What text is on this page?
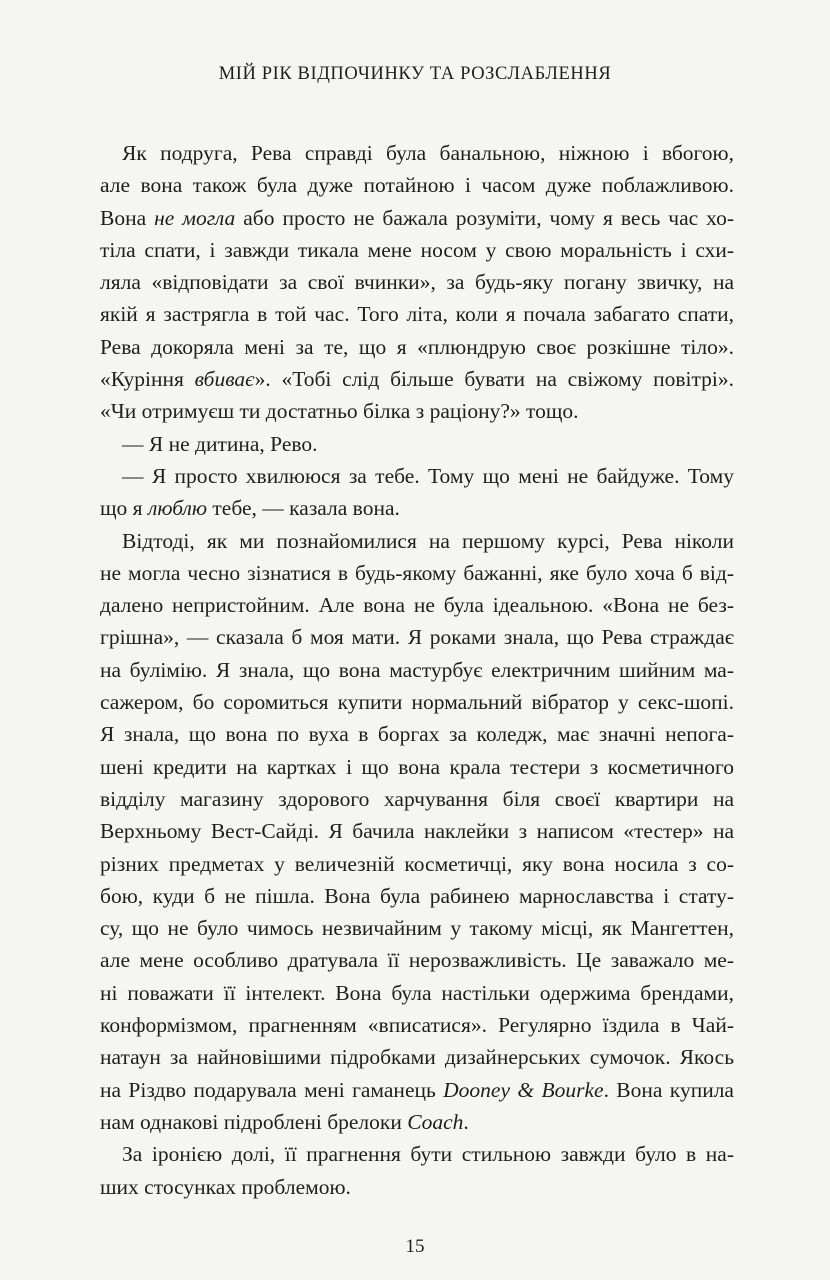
МІЙ РІК ВІДПОЧИНКУ ТА РОЗСЛАБЛЕННЯ
Як подруга, Рева справді була банальною, ніжною і вбогою,
але вона також була дуже потайною і часом дуже поблажливою.
Вона не могла або просто не бажала розуміти, чому я весь час хо-
тіла спати, і завжди тикала мене носом у свою моральність і схи-
ляла «відповідати за свої вчинки», за будь-яку погану звичку, на
якій я застрягла в той час. Того літа, коли я почала забагато спати,
Рева докоряла мені за те, що я «плюндрую своє розкішне тіло».
«Куріння вбиває». «Тобі слід більше бувати на свіжому повітрі».
«Чи отримуєш ти достатньо білка з раціону?» тощо.
— Я не дитина, Рево.
— Я просто хвилююся за тебе. Тому що мені не байдуже. Тому
що я люблю тебе, — казала вона.
Відтоді, як ми познайомилися на першому курсі, Рева ніколи
не могла чесно зізнатися в будь-якому бажанні, яке було хоча б від-
далено непристойним. Але вона не була ідеальною. «Вона не без-
грішна», — сказала б моя мати. Я роками знала, що Рева страждає
на булімію. Я знала, що вона мастурбує електричним шийним ма-
сажером, бо соромиться купити нормальний вібратор у секс-шопі.
Я знала, що вона по вуха в боргах за коледж, має значні непога-
шені кредити на картках і що вона крала тестери з косметичного
відділу магазину здорового харчування біля своєї квартири на
Верхньому Вест-Сайді. Я бачила наклейки з написом «тестер» на
різних предметах у величезній косметичці, яку вона носила з со-
бою, куди б не пішла. Вона була рабинею марнославства і стату-
су, що не було чимось незвичайним у такому місці, як Мангеттен,
але мене особливо дратувала її нерозважливість. Це заважало ме-
ні поважати її інтелект. Вона була настільки одержима брендами,
конформізмом, прагненням «вписатися». Регулярно їздила в Чай-
натаун за найновішими підробками дизайнерських сумочок. Якось
на Різдво подарувала мені гаманець Dooney & Bourke. Вона купила
нам однакові підроблені брелоки Coach.
За іронією долі, її прагнення бути стильною завжди було в на-
ших стосунках проблемою.
15
